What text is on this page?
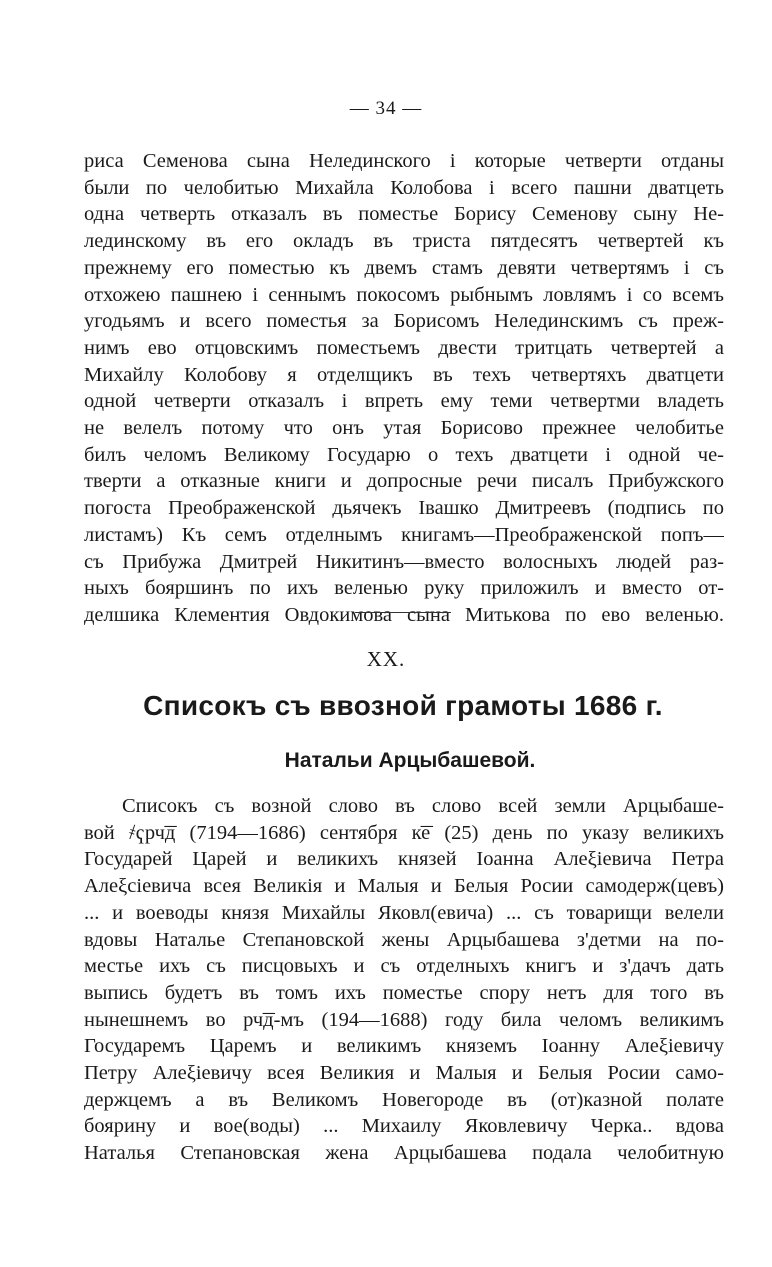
— 34 —
риса Семенова сына Нелединского і которые четверти отданы
были по челобитью Михайла Колобова і всего пашни дватцеть
одна четверть отказалъ въ поместье Борису Семенову сыну Не-
лединскому въ его окладъ въ триста пятдесятъ четвертей къ
прежнему его поместью къ двемъ стамъ девяти четвертямъ і съ
отхожею пашнею і сеннымъ покосомъ рыбнымъ ловлямъ і со всемъ
угодьямъ и всего поместья за Борисомъ Нелединскимъ съ преж-
нимъ ево отцовскимъ поместьемъ двести тритцать четвертей а
Михайлу Колобову я отделщикъ въ техъ четвертяхъ дватцети
одной четверти отказалъ і впреть ему теми четвертми владеть
не велелъ потому что онъ утая Борисово прежнее челобитье
билъ челомъ Великому Государю о техъ дватцети і одной че-
тверти а отказные книги и допросные речи писалъ Прибужского
погоста Преображенской дьячекъ Івашко Дмитреевъ (подпись по
листамъ) Къ семъ отделнымъ книгамъ—Преображенской попъ—
съ Прибужа Дмитрей Никитинъ—вместо волосныхъ людей раз-
ныхъ бояршинъ по ихъ веленью руку приложилъ и вместо от-
делшика Клементия Овдокимова сына Митькова по ево веленью.
XX.
Списокъ съ ввозной грамоты 1686 г.
Натальи Арцыбашевой.
Списокъ съ возной слово въ слово всей земли Арцыбаше-
вой ҂ҁрч͞д (7194—1686) сентября к͞е (25) день по указу великихъ
Государей Царей и великихъ князей Іоанна Алеξіевича Петра
Алеξсіевича всея Великія и Малыя и Белыя Росии самодерж(цевъ)
... и воеводы князя Михайлы Яковл(евича) ... съ товарищи велели
вдовы Наталье Степановской жены Арцыбашева з'детми на по-
местье ихъ съ писцовыхъ и съ отделныхъ книгъ и з'дачъ дать
выпись будетъ въ томъ ихъ поместье спору нетъ для того въ
нынешнемъ во рч͞д-мъ (194—1688) году била челомъ великимъ
Государемъ Царемъ и великимъ княземъ Іоанну Алеξіевичу
Петру Алеξіевичу всея Великия и Малыя и Белыя Росии само-
держцемъ а въ Великомъ Новегороде въ (от)казной полате
боярину и вое(воды) ... Михаилу Яковлевичу Черка.. вдова
Наталья Степановская жена Арцыбашева подала челобитную
